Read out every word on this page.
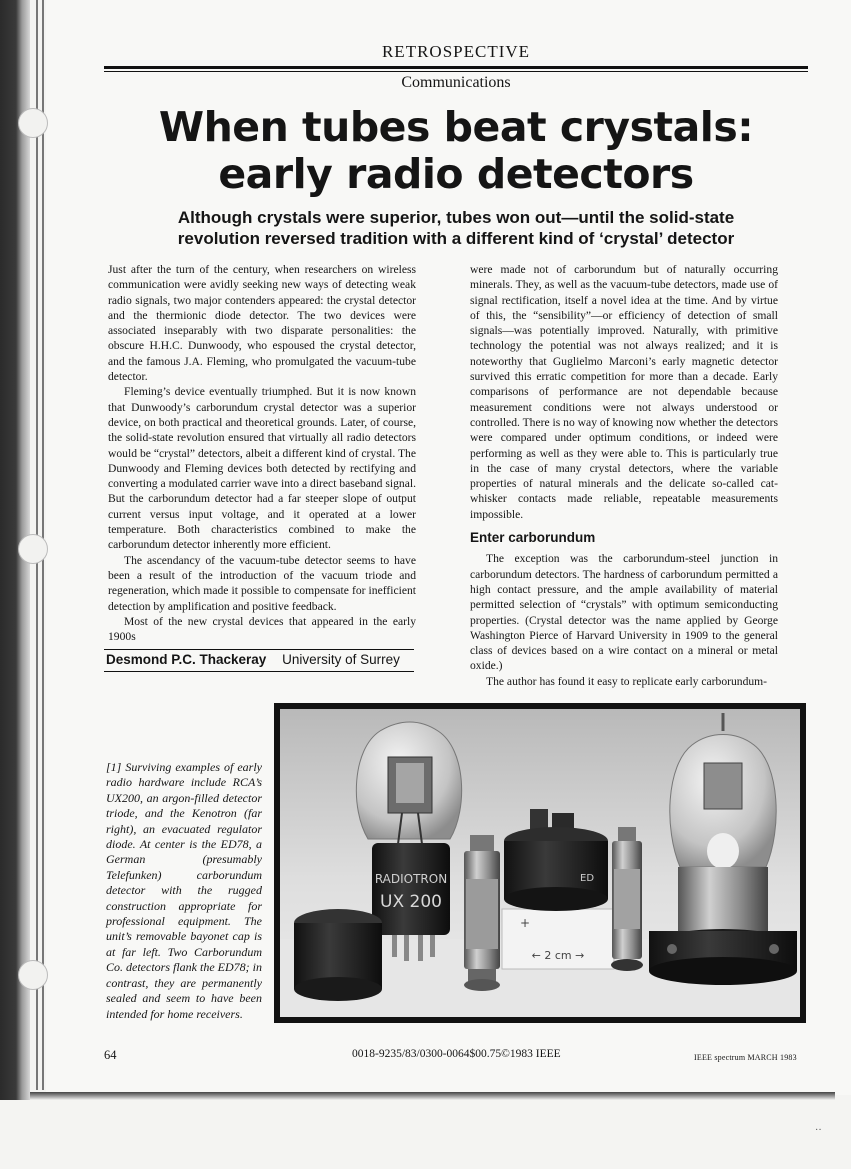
··
RETROSPECTIVE
Communications
When tubes beat crystals:
early radio detectors
Although crystals were superior, tubes won out—until the solid-state
revolution reversed tradition with a different kind of ‘crystal’ detector

Just after the turn of the century, when researchers on wireless communication were avidly seeking new ways of detecting weak radio signals, two major contenders appeared: the crystal detector and the thermionic diode detector. The two devices were associated inseparably with two disparate personalities: the obscure H.H.C. Dunwoody, who espoused the crystal detector, and the famous J.A. Fleming, who promulgated the vacuum-tube detector.

Fleming’s device eventually triumphed. But it is now known that Dunwoody’s carborundum crystal detector was a superior device, on both practical and theoretical grounds. Later, of course, the solid-state revolution ensured that virtually all radio detectors would be “crystal” detectors, albeit a different kind of crystal. The Dunwoody and Fleming devices both detected by rectifying and converting a modulated carrier wave into a direct baseband signal. But the carborundum detector had a far steeper slope of output current versus input voltage, and it operated at a lower temperature. Both characteristics combined to make the carborundum detector inherently more efficient.

The ascendancy of the vacuum-tube detector seems to have been a result of the introduction of the vacuum triode and regeneration, which made it possible to compensate for inefficient detection by amplification and positive feedback.

Most of the new crystal devices that appeared in the early 1900s

Desmond P.C. Thackeray University of Surrey

were made not of carborundum but of naturally occurring minerals. They, as well as the vacuum-tube detectors, made use of signal rectification, itself a novel idea at the time. And by virtue of this, the “sensibility”—or efficiency of detection of small signals—was potentially improved. Naturally, with primitive technology the potential was not always realized; and it is noteworthy that Guglielmo Marconi’s early magnetic detector survived this erratic competition for more than a decade. Early comparisons of performance are not dependable because measurement conditions were not always understood or controlled. There is no way of knowing now whether the detectors were compared under optimum conditions, or indeed were performing as well as they were able to. This is particularly true in the case of many crystal detectors, where the variable properties of natural minerals and the delicate so-called cat-whisker contacts made reliable, repeatable measurements impossible.

Enter carborundum

The exception was the carborundum-steel junction in carborundum detectors. The hardness of carborundum permitted a high contact pressure, and the ample availability of material permitted selection of “crystals” with optimum semiconducting properties. (Crystal detector was the name applied by George Washington Pierce of Harvard University in 1909 to the general class of devices based on a wire contact on a mineral or metal oxide.)

The author has found it easy to replicate early carborundum-

[1] Surviving examples of early radio hardware include RCA’s UX200, an argon-filled detector triode, and the Kenotron (far right), an evacuated regulator diode. At center is the ED78, a German (presumably Telefunken) carborundum detector with the rugged construction appropriate for professional equipment. The unit’s removable bayonet cap is at far left. Two Carborundum Co. detectors flank the ED78; in contrast, they are permanently sealed and seem to have been intended for home receivers.
RADIOTRON
UX 200
+
← 2 cm →
ED
64	0018-9235/83/0300-0064$00.75©1983 IEEE	IEEE spectrum MARCH 1983
